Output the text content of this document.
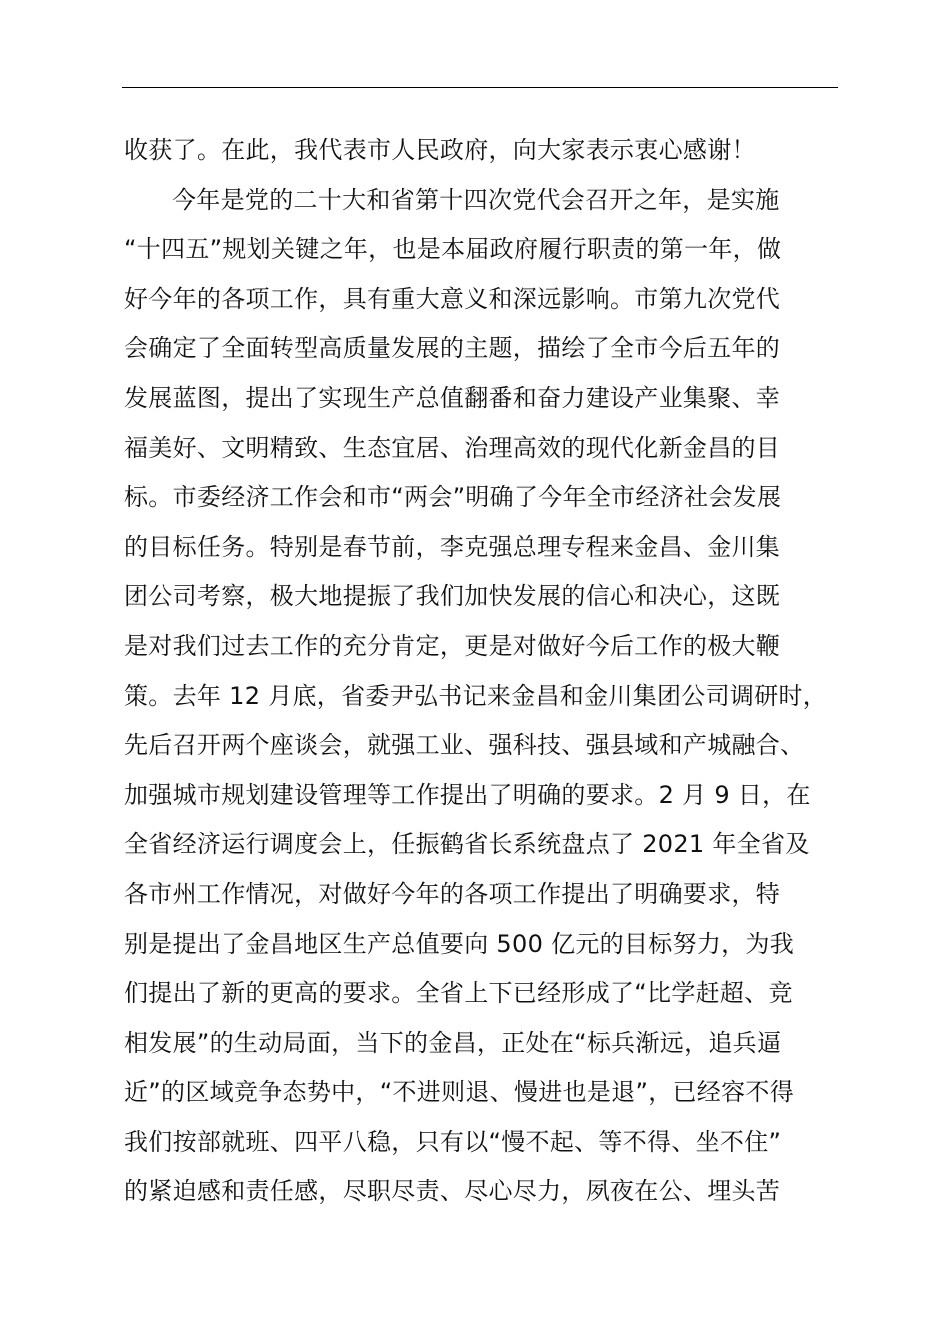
收获了。在此，我代表市人民政府，向大家表示衷心感谢！
今年是党的二十大和省第十四次党代会召开之年，是实施
“十四五”规划关键之年，也是本届政府履行职责的第一年，做
好今年的各项工作，具有重大意义和深远影响。市第九次党代
会确定了全面转型高质量发展的主题，描绘了全市今后五年的
发展蓝图，提出了实现生产总值翻番和奋力建设产业集聚、幸
福美好、文明精致、生态宜居、治理高效的现代化新金昌的目
标。市委经济工作会和市“两会”明确了今年全市经济社会发展
的目标任务。特别是春节前，李克强总理专程来金昌、金川集
团公司考察，极大地提振了我们加快发展的信心和决心，这既
是对我们过去工作的充分肯定，更是对做好今后工作的极大鞭
策。去年 12 月底，省委尹弘书记来金昌和金川集团公司调研时，
先后召开两个座谈会，就强工业、强科技、强县域和产城融合、
加强城市规划建设管理等工作提出了明确的要求。2 月 9 日，在
全省经济运行调度会上，任振鹤省长系统盘点了 2021 年全省及
各市州工作情况，对做好今年的各项工作提出了明确要求，特
别是提出了金昌地区生产总值要向 500 亿元的目标努力，为我
们提出了新的更高的要求。全省上下已经形成了“比学赶超、竞
相发展”的生动局面，当下的金昌，正处在“标兵渐远，追兵逼
近”的区域竞争态势中，“不进则退、慢进也是退”，已经容不得
我们按部就班、四平八稳，只有以“慢不起、等不得、坐不住”
的紧迫感和责任感，尽职尽责、尽心尽力，夙夜在公、埋头苦
